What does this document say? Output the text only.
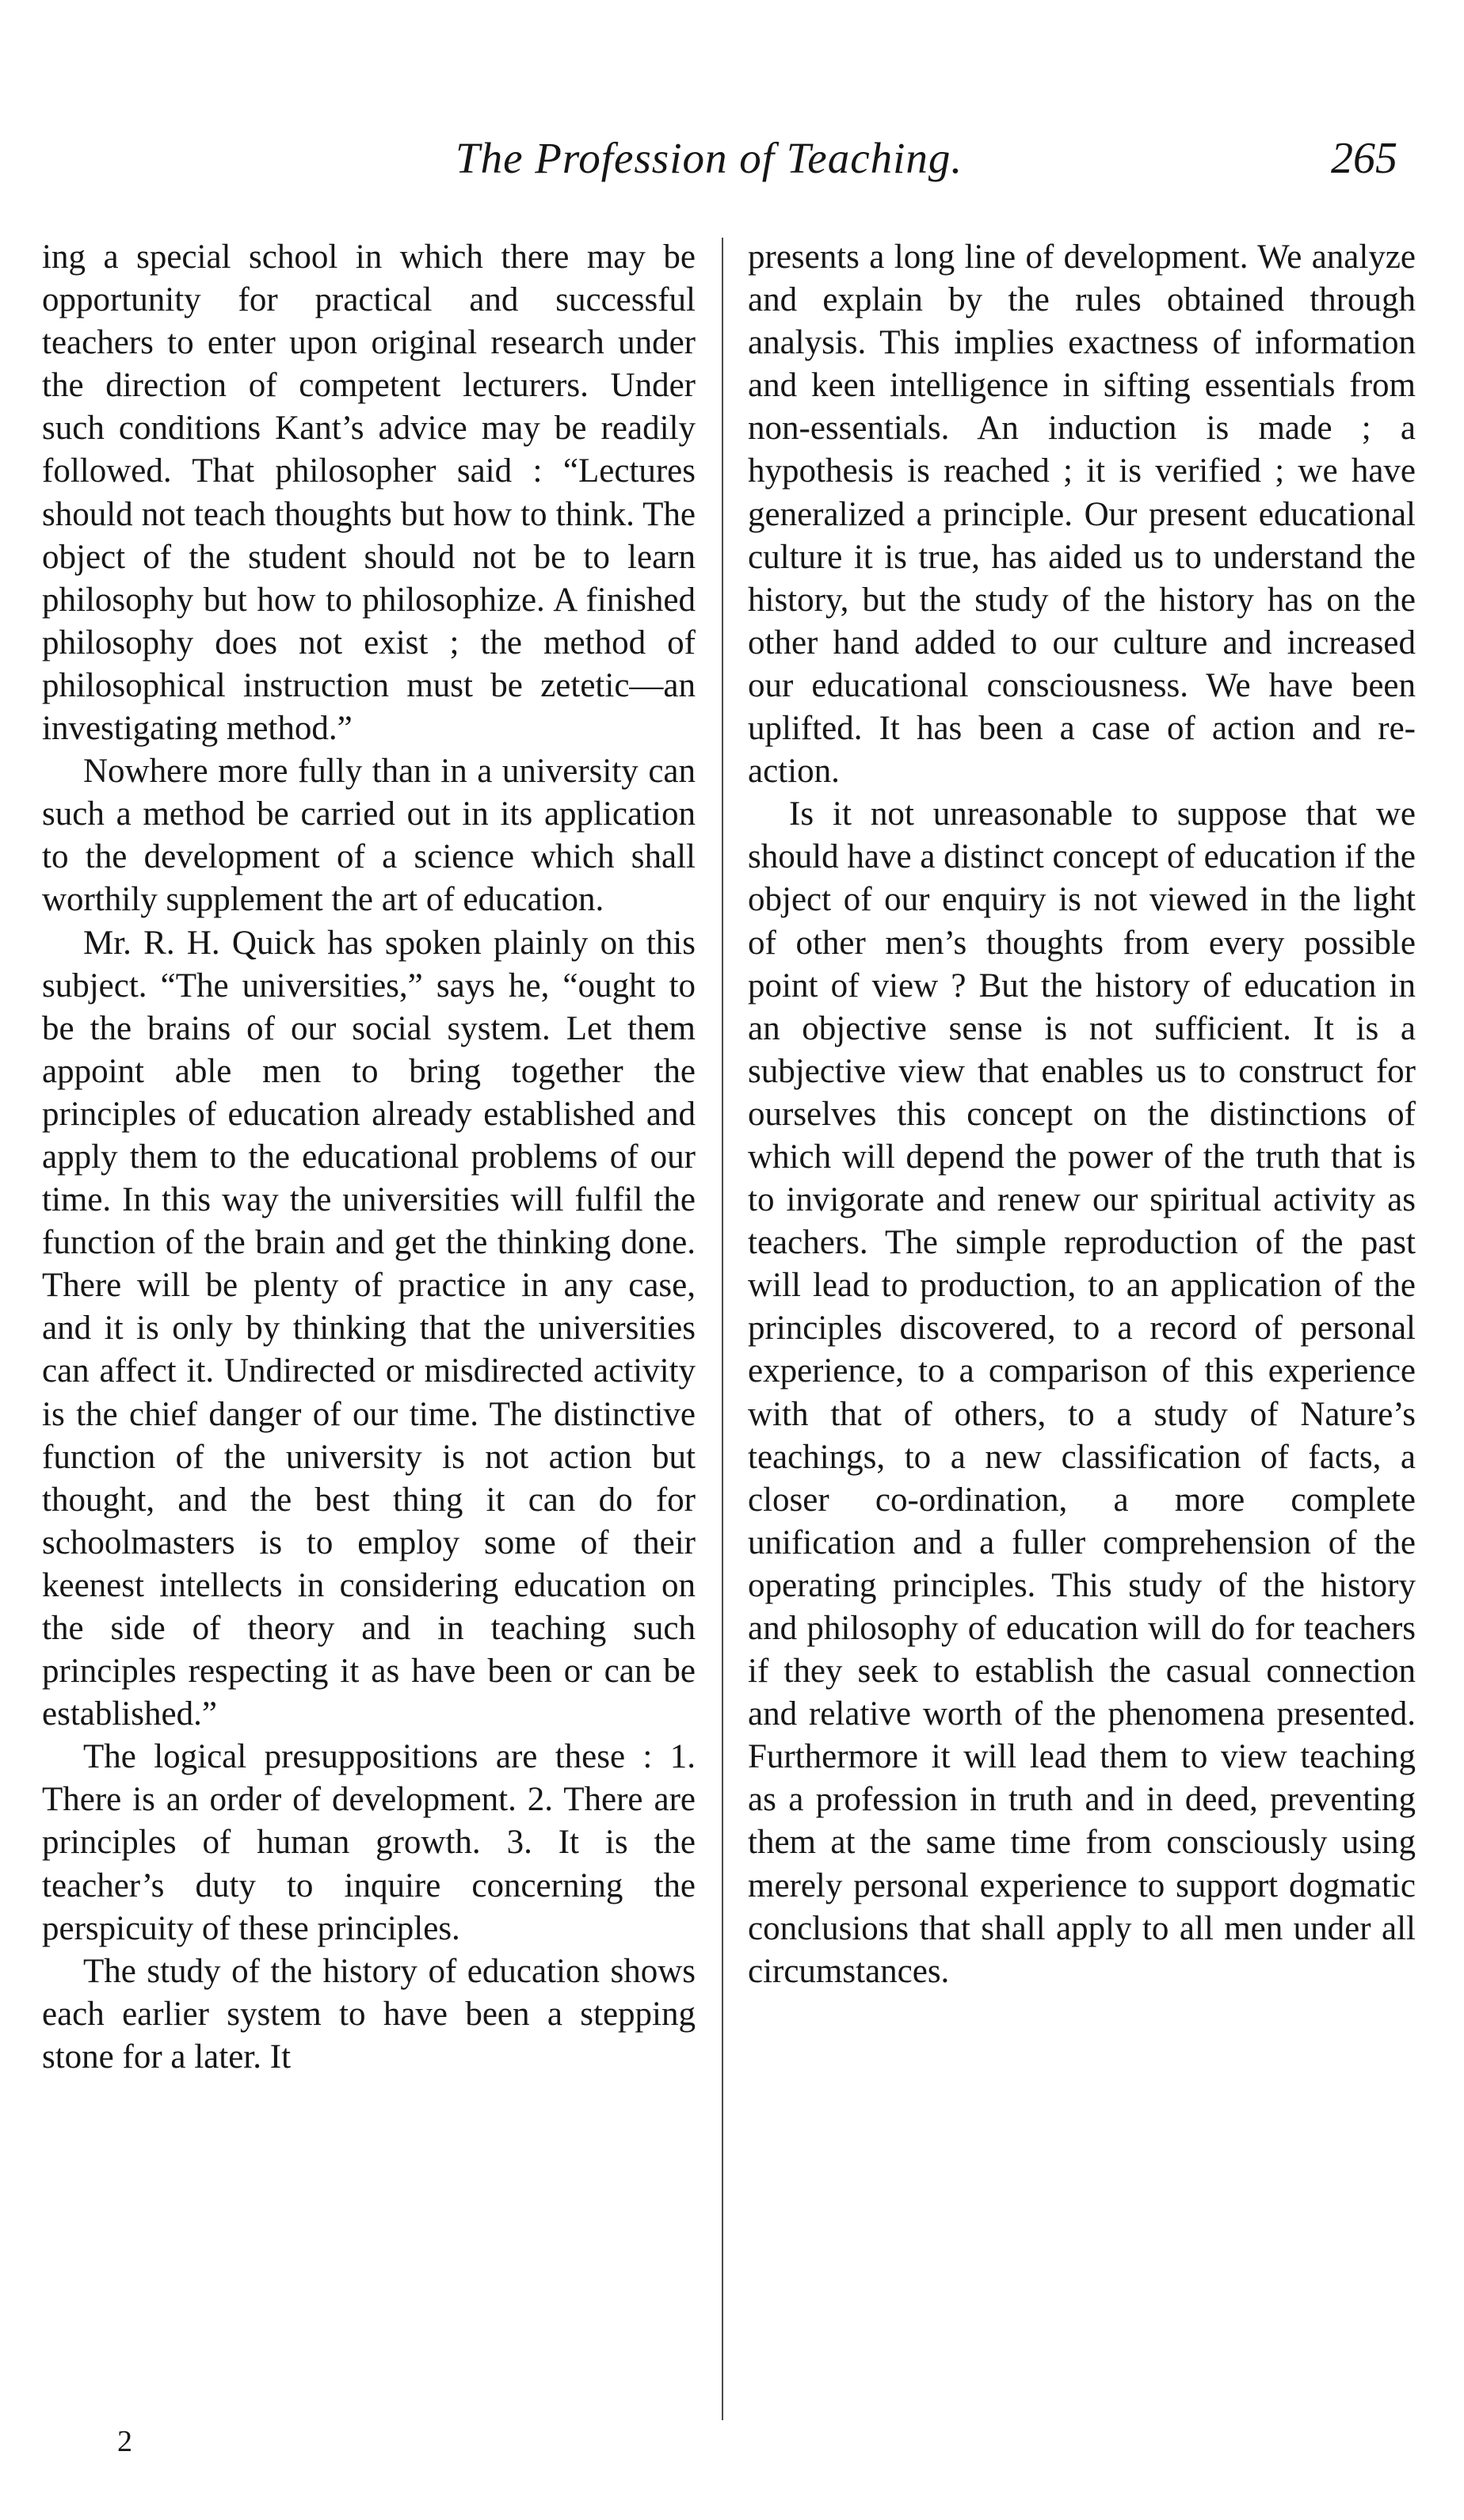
The Profession of Teaching.	265

ing a special school in which there may be opportunity for practical and successful teachers to enter upon original research under the direction of competent lecturers. Under such conditions Kant’s advice may be readily followed. That philosopher said : “Lectures should not teach thoughts but how to think. The object of the student should not be to learn philosophy but how to philosophize. A finished philosophy does not exist ; the method of philosophical instruction must be zetetic—an investigating method.”

Nowhere more fully than in a university can such a method be carried out in its application to the development of a science which shall worthily supplement the art of education.

Mr. R. H. Quick has spoken plainly on this subject. “The universities,” says he, “ought to be the brains of our social system. Let them appoint able men to bring together the principles of education already established and apply them to the educational problems of our time. In this way the universities will fulfil the function of the brain and get the thinking done. There will be plenty of practice in any case, and it is only by thinking that the universities can affect it. Undirected or misdirected activity is the chief danger of our time. The distinctive function of the university is not action but thought, and the best thing it can do for schoolmasters is to employ some of their keenest intellects in considering education on the side of theory and in teaching such principles respecting it as have been or can be established.”

The logical presuppositions are these : 1. There is an order of development. 2. There are principles of human growth. 3. It is the teacher’s duty to inquire concerning the perspicuity of these principles.

The study of the history of education shows each earlier system to have been a stepping stone for a later. It

presents a long line of development. We analyze and explain by the rules obtained through analysis. This implies exactness of information and keen intelligence in sifting essentials from non-essentials. An induction is made ; a hypothesis is reached ; it is verified ; we have generalized a principle. Our present educational culture it is true, has aided us to understand the history, but the study of the history has on the other hand added to our culture and increased our educational consciousness. We have been uplifted. It has been a case of action and re-action.

Is it not unreasonable to suppose that we should have a distinct concept of education if the object of our enquiry is not viewed in the light of other men’s thoughts from every possible point of view ? But the history of education in an objective sense is not sufficient. It is a subjective view that enables us to construct for ourselves this concept on the distinctions of which will depend the power of the truth that is to invigorate and renew our spiritual activity as teachers. The simple reproduction of the past will lead to production, to an application of the principles discovered, to a record of personal experience, to a comparison of this experience with that of others, to a study of Nature’s teachings, to a new classification of facts, a closer co-ordination, a more complete unification and a fuller comprehension of the operating principles. This study of the history and philosophy of education will do for teachers if they seek to establish the casual connection and relative worth of the phenomena presented. Furthermore it will lead them to view teaching as a profession in truth and in deed, preventing them at the same time from consciously using merely personal experience to support dogmatic conclusions that shall apply to all men under all circumstances.

2
